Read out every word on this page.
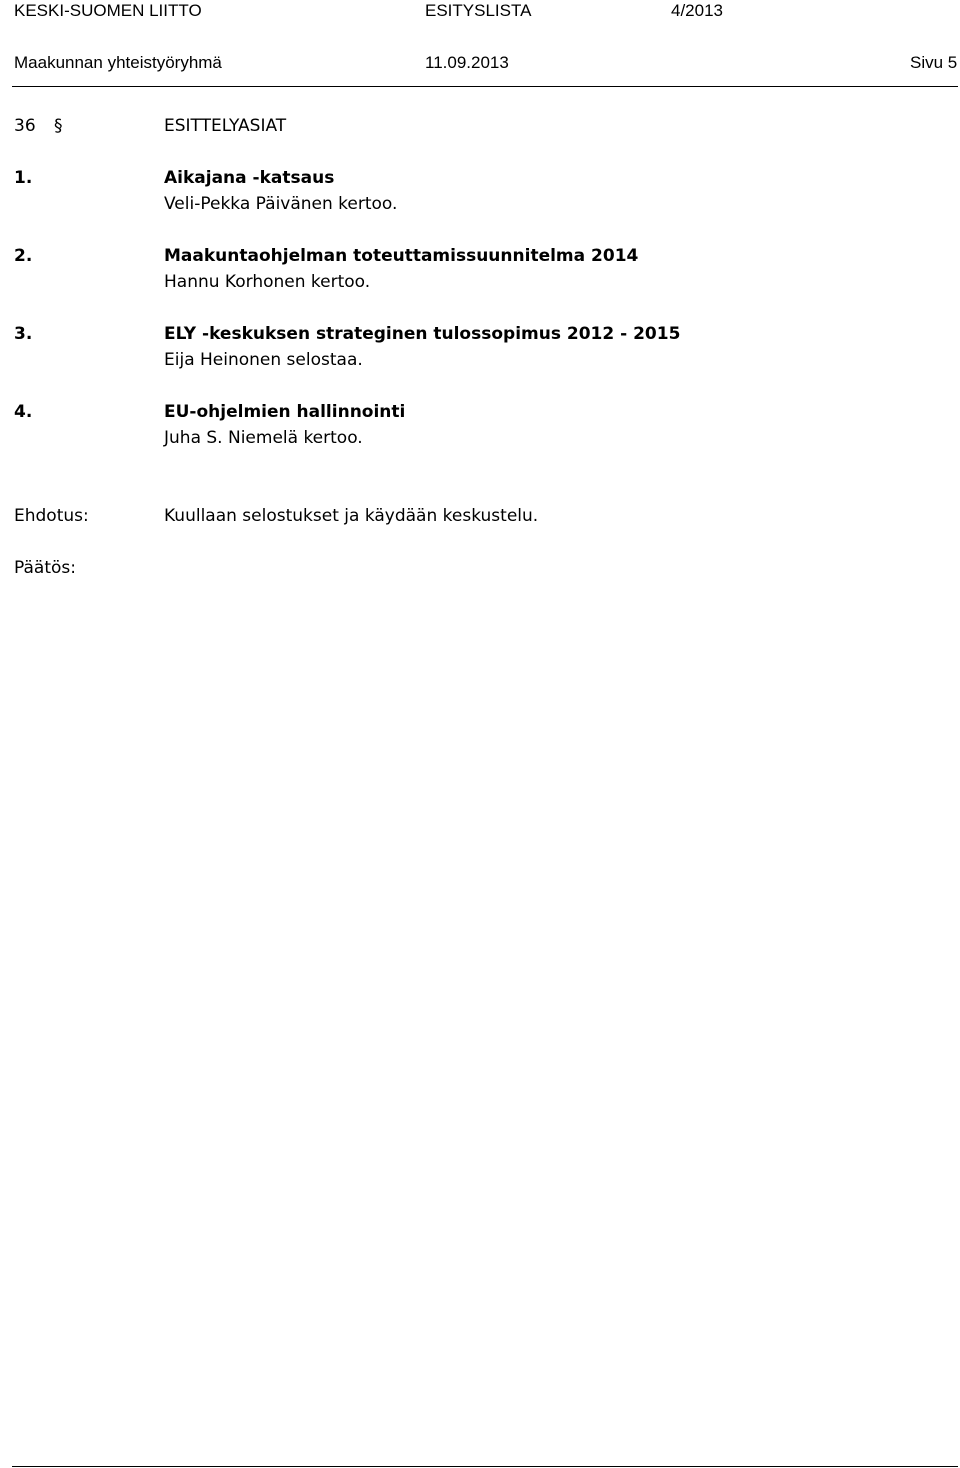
KESKI-SUOMEN LIITTO	ESITYSLISTA	4/2013
Maakunnan yhteistyöryhmä	11.09.2013	Sivu 5
36 §	ESITTELYASIAT
1.	Aikajana -katsaus
Veli-Pekka Päivänen kertoo.
2.	Maakuntaohjelman toteuttamissuunnitelma 2014
Hannu Korhonen kertoo.
3.	ELY -keskuksen strateginen tulossopimus 2012 - 2015
Eija Heinonen selostaa.
4.	EU-ohjelmien hallinnointi
Juha S. Niemelä kertoo.
Ehdotus:	Kuullaan selostukset ja käydään keskustelu.
Päätös:
